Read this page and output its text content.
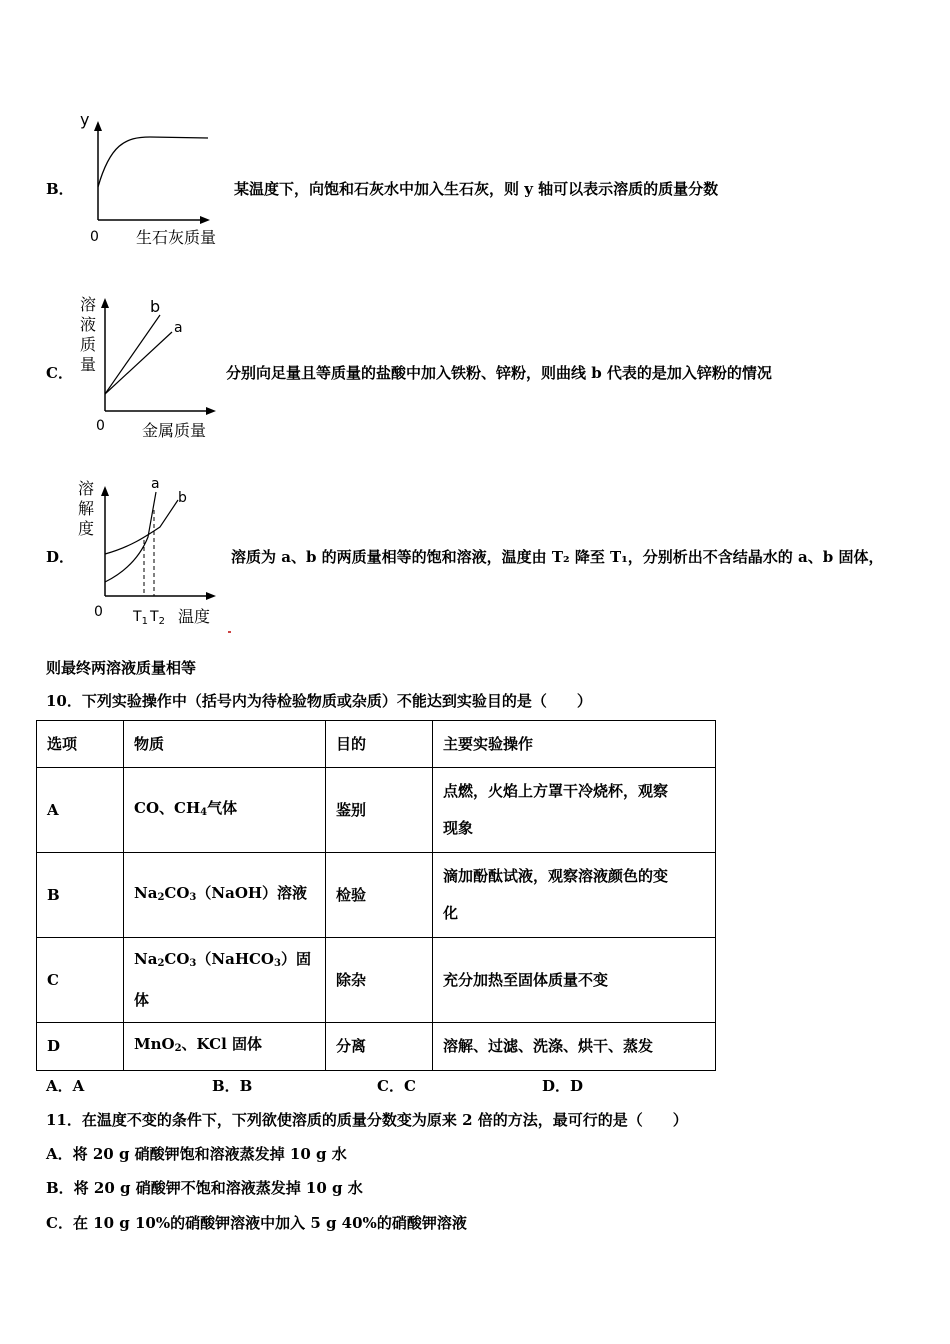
B．
y
0 生石灰质量
某温度下，向饱和石灰水中加入生石灰，则 y 轴可以表示溶质的质量分数
C．
溶
液
质
量
b
a
0 金属质量
分别向足量且等质量的盐酸中加入铁粉、锌粉，则曲线 b 代表的是加入锌粉的情况
D．
溶
解
度
a
b
0 $T_1$ $T_2$ 温度
溶质为 a、b 的两质量相等的饱和溶液，温度由 T₂ 降至 T₁，分别析出不含结晶水的 a、b 固体，
则最终两溶液质量相等
10．下列实验操作中（括号内为待检验物质或杂质）不能达到实验目的是（　　）
选项	物质	目的	主要实验操作
A	CO、$CH_4$气体	鉴别	点燃，火焰上方罩干冷烧杯，观察
现象

B	$Na_2CO_3(NaOH)$溶液	检验	滴加酚酞试液，观察溶液颜色的变
化

C	$Na_2CO_3(NaHCO_3)$固
体	除杂	充分加热至固体质量不变
D	MnO$_2$、KCl 固体	分离	溶解、过滤、洗涤、烘干、蒸发
A．A	B．B	C．C	D．D
11．在温度不变的条件下，下列欲使溶质的质量分数变为原来 2 倍的方法，最可行的是（　　）
A．将 20 g 硝酸钾饱和溶液蒸发掉 10 g 水
B．将 20 g 硝酸钾不饱和溶液蒸发掉 10 g 水
C．在 10 g 10%的硝酸钾溶液中加入 5 g 40%的硝酸钾溶液
